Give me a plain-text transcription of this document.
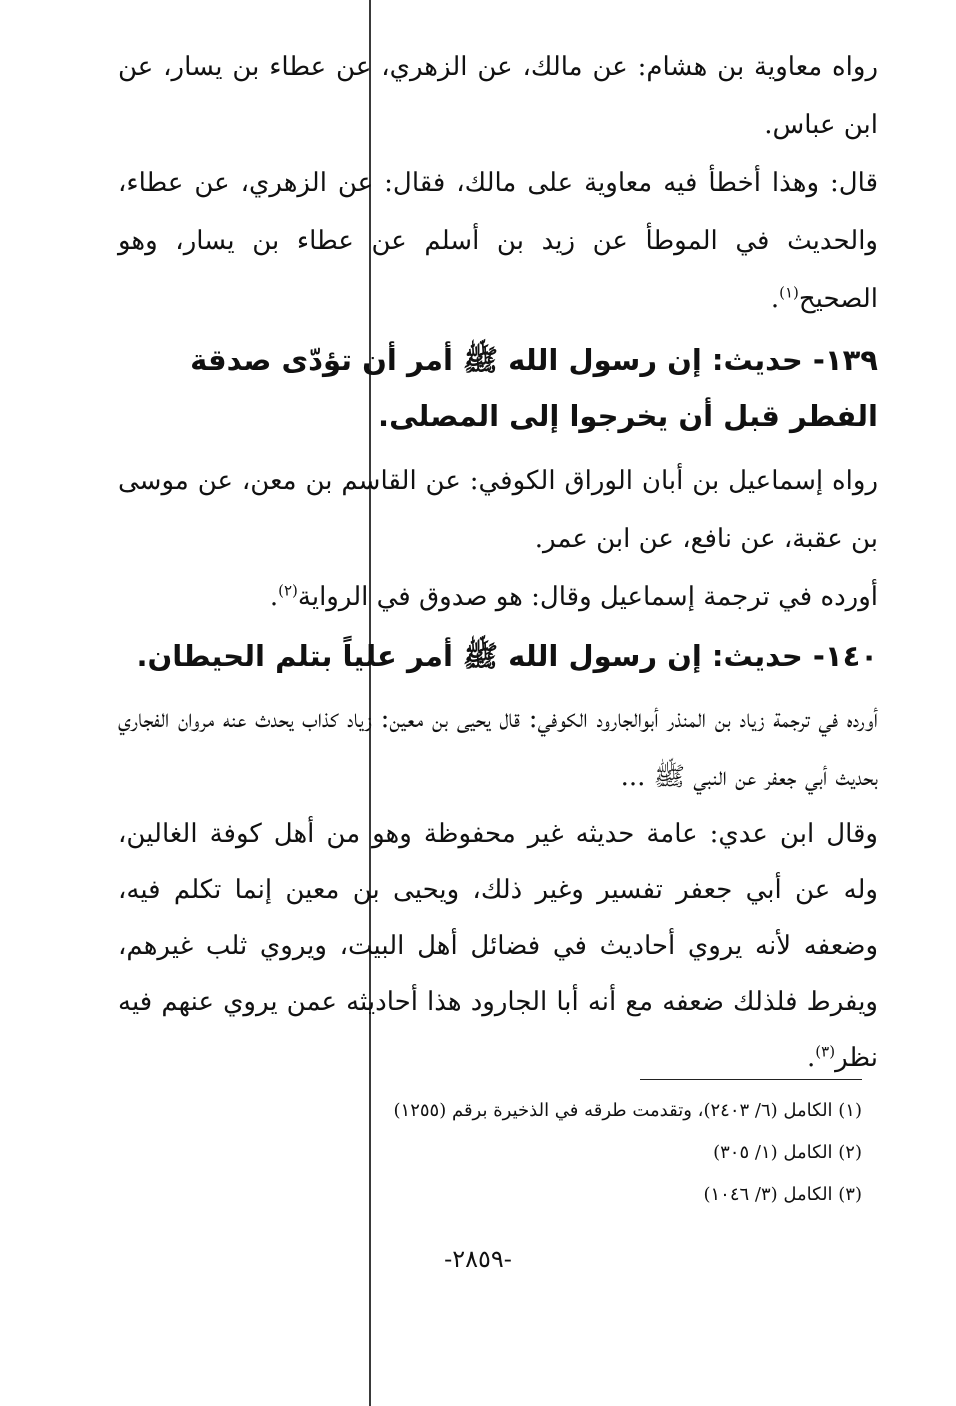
رواه معاوية بن هشام: عن مالك، عن الزهري، عن عطاء بن يسار، عن ابن عباس.

قال: وهذا أخطأ فيه معاوية على مالك، فقال: عن الزهري، عن عطاء، والحديث في الموطأ عن زيد بن أسلم عن عطاء بن يسار، وهو الصحيح$^{(١)}$.

١٣٩- حديث: إن رسول الله ﷺ أمر أن تؤدّى صدقة الفطر قبل أن يخرجوا إلى المصلى.

رواه إسماعيل بن أبان الوراق الكوفي: عن القاسم بن معن، عن موسى بن عقبة، عن نافع، عن ابن عمر.

أورده في ترجمة إسماعيل وقال: هو صدوق في الرواية$^{(٢)}$.

١٤٠- حديث: إن رسول الله ﷺ أمر علياً بتلم الحيطان.

أورده في ترجمة زياد بن المنذر أبوالجارود الكوفي: قال يحيى بن معين: زياد كذاب يحدث عنه مروان الفجاري بحديث أبي جعفر عن النبي ﷺ ...

وقال ابن عدي: عامة حديثه غير محفوظة وهو من أهل كوفة الغالين، وله عن أبي جعفر تفسير وغير ذلك، ويحيى بن معين إنما تكلم فيه، وضعفه لأنه يروي أحاديث في فضائل أهل البيت، ويروي ثلب غيرهم، ويفرط فلذلك ضعفه مع أنه أبا الجارود هذا أحاديثه عمن يروي عنهم فيه نظر$^{(٣)}$.

(١) الكامل (٦/ ٢٤٠٣)، وتقدمت طرقه في الذخيرة برقم (١٢٥٥)

(٢) الكامل (١/ ٣٠٥)

(٣) الكامل (٣/ ١٠٤٦)

-٢٨٥٩-
